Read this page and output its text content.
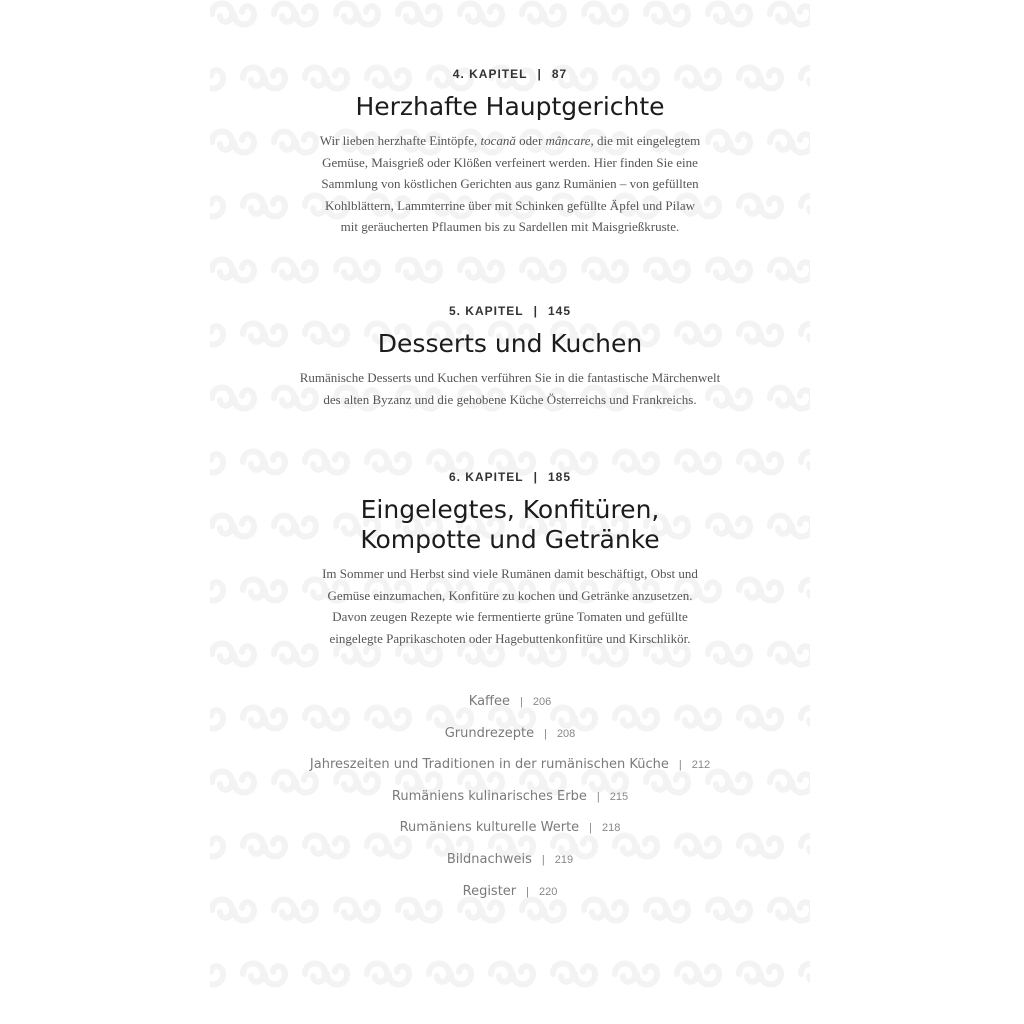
4. KAPITEL | 87
Herzhafte Hauptgerichte
Wir lieben herzhafte Eintöpfe, tocană oder mâncare, die mit eingelegtem
Gemüse, Maisgrieß oder Klößen verfeinert werden. Hier finden Sie eine
Sammlung von köstlichen Gerichten aus ganz Rumänien – von gefüllten
Kohlblättern, Lammterrine über mit Schinken gefüllte Äpfel und Pilaw
mit geräucherten Pflaumen bis zu Sardellen mit Maisgrießkruste.
5. KAPITEL | 145
Desserts und Kuchen
Rumänische Desserts und Kuchen verführen Sie in die fantastische Märchenwelt
des alten Byzanz und die gehobene Küche Österreichs und Frankreichs.
6. KAPITEL | 185
Eingelegtes, Konfitüren,
Kompotte und Getränke
Im Sommer und Herbst sind viele Rumänen damit beschäftigt, Obst und
Gemüse einzumachen, Konfitüre zu kochen und Getränke anzusetzen.
Davon zeugen Rezepte wie fermentierte grüne Tomaten und gefüllte
eingelegte Paprikaschoten oder Hagebuttenkonfitüre und Kirschlikör.
Kaffee | 206
Grundrezepte | 208
Jahreszeiten und Traditionen in der rumänischen Küche | 212
Rumäniens kulinarisches Erbe | 215
Rumäniens kulturelle Werte | 218
Bildnachweis | 219
Register | 220
